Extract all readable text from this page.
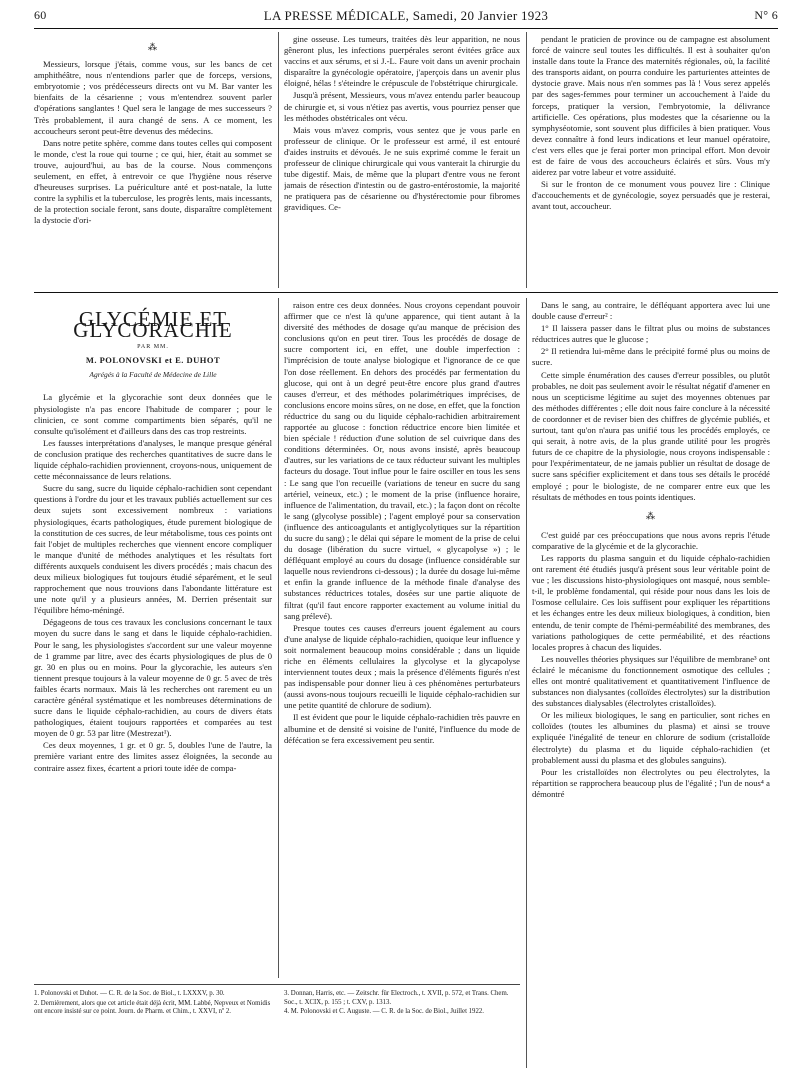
60	LA PRESSE MÉDICALE, Samedi, 20 Janvier 1923	N° 6
⁂

Messieurs, lorsque j'étais, comme vous, sur les bancs de cet amphithéâtre, nous n'entendions parler que de forceps, versions, embryotomie ; vos prédécesseurs directs ont vu M. Bar vanter les bienfaits de la césarienne ; vous m'entendrez souvent parler d'opérations sanglantes ! Quel sera le langage de mes successeurs ? Très probablement, il aura changé de sens. A ce moment, les accoucheurs seront peut-être devenus des médecins.

Dans notre petite sphère, comme dans toutes celles qui composent le monde, c'est la roue qui tourne ; ce qui, hier, était au sommet se trouve, aujourd'hui, au bas de la course. Nous commençons seulement, en effet, à entrevoir ce que l'hygiène nous réserve d'heureuses surprises. La puériculture anté et post-natale, la lutte contre la syphilis et la tuberculose, les progrès lents, mais incessants, de la protection sociale feront, sans doute, disparaître complètement la dystocie d'ori-

gine osseuse. Les tumeurs, traitées dès leur apparition, ne nous gêneront plus, les infections puerpérales seront évitées grâce aux vaccins et aux sérums, et si J.-L. Faure voit dans un avenir prochain disparaître la gynécologie opératoire, j'aperçois dans un avenir plus éloigné, hélas ! s'éteindre le crépuscule de l'obstétrique chirurgicale.

Jusqu'à présent, Messieurs, vous m'avez entendu parler beaucoup de chirurgie et, si vous n'étiez pas avertis, vous pourriez penser que les méthodes obstétricales ont vécu.

Mais vous m'avez compris, vous sentez que je vous parle en professeur de clinique. Or le professeur est armé, il est entouré d'aides instruits et dévoués. Je ne suis exprimé comme le ferait un professeur de clinique chirurgicale qui vous vanterait la chirurgie du tube digestif. Mais, de même que la plupart d'entre vous ne feront jamais de résection d'intestin ou de gastro-entérostomie, la majorité ne pratiquera pas de césarienne ou d'hystérectomie pour fibromes gravidiques. Ce-

pendant le praticien de province ou de campagne est absolument forcé de vaincre seul toutes les difficultés. Il est à souhaiter qu'on installe dans toute la France des maternités régionales, où, la facilité des transports aidant, on pourra conduire les parturientes atteintes de dystocie grave. Mais nous n'en sommes pas là ! Vous serez appelés par des sages-femmes pour terminer un accouchement à l'aide du forceps, pratiquer la version, l'embryotomie, la délivrance artificielle. Ces opérations, plus modestes que la césarienne ou la symphyséotomie, sont souvent plus difficiles à bien pratiquer. Vous devez connaître à fond leurs indications et leur manuel opératoire, c'est vers elles que je ferai porter mon principal effort. Mon devoir est de faire de vous des accoucheurs éclairés et sûrs. Vous m'y aiderez par votre labeur et votre assiduité.

Si sur le fronton de ce monument vous pouvez lire : Clinique d'accouchements et de gynécologie, soyez persuadés que je resterai, avant tout, accoucheur.

GLYCÉMIE ET GLYCORACHIE
PAR MM.
M. POLONOVSKI et E. DUHOT
Agrégés à la Faculté de Médecine de Lille

La glycémie et la glycorachie sont deux données que le physiologiste n'a pas encore l'habitude de comparer ; pour le clinicien, ce sont comme compartiments bien séparés, qu'il ne consulte qu'isolément et d'ailleurs dans des cas trop restreints.

Les fausses interprétations d'analyses, le manque presque général de conclusion pratique des recherches quantitatives de sucre dans le liquide céphalo-rachidien proviennent, croyons-nous, uniquement de cette méconnaissance de leurs relations.

Sucre du sang, sucre du liquide céphalo-rachidien sont cependant questions à l'ordre du jour et les travaux publiés actuellement sur ces deux sujets sont excessivement nombreux : variations physiologiques, écarts pathologiques, étude purement biologique de la constitution de ces sucres, de leur métabolisme, tous ces points ont fait l'objet de multiples recherches que viennent encore compliquer le manque d'unité de méthodes analytiques et les résultats fort différents auxquels conduisent les divers procédés ; mais chacun des deux milieux biologiques fut toujours étudié séparément, et le seul rapprochement que nous trouvions dans l'abondante littérature est une note qu'il y a plusieurs années, M. Derrien présentait sur l'équilibre hémo-méningé.

Dégageons de tous ces travaux les conclusions concernant le taux moyen du sucre dans le sang et dans le liquide céphalo-rachidien. Pour le sang, les physiologistes s'accordent sur une valeur moyenne de 1 gramme par litre, avec des écarts physiologiques de plus de 0 gr. 30 en plus ou en moins. Pour la glycorachie, les auteurs s'en tiennent presque toujours à la valeur moyenne de 0 gr. 5 avec de très faibles écarts normaux. Mais là les recherches ont rarement eu un caractère général systématique et les nombreuses déterminations de sucre dans le liquide céphalo-rachidien, au cours de divers états pathologiques, étaient toujours rapportées et comparées au test moyen de 0 gr. 53 par litre (Mestrezat¹).

Ces deux moyennes, 1 gr. et 0 gr. 5, doubles l'une de l'autre, la première variant entre des limites assez éloignées, la seconde au contraire assez fixes, écartent a priori toute idée de compa-

raison entre ces deux données. Nous croyons cependant pouvoir affirmer que ce n'est là qu'une apparence, qui tient autant à la diversité des méthodes de dosage qu'au manque de précision des conclusions qu'on en peut tirer. Tous les procédés de dosage de sucre comportent ici, en effet, une double imperfection : l'imprécision de toute analyse biologique et l'ignorance de ce que l'on dose réellement. En dehors des procédés par fermentation du glucose, qui ont à un degré peut-être encore plus grand d'autres causes d'erreur, et des méthodes polarimétriques imprécises, de conclusions encore moins sûres, on ne dose, en effet, que la fonction réductrice du sang ou du liquide céphalo-rachidien arbitrairement rapportée au glucose : fonction réductrice encore bien limitée et bien spéciale ! réduction d'une solution de sel cuivrique dans des conditions déterminées. Or, nous avons insisté, après beaucoup d'autres, sur les variations de ce taux réducteur suivant les multiples facteurs du dosage. Tout influe pour le faire osciller en tous les sens : Le sang que l'on recueille (variations de teneur en sucre du sang artériel, veineux, etc.) ; le moment de la prise (influence horaire, influence de l'alimentation, du travail, etc.) ; la façon dont on récolte le sang (glycolyse possible) ; l'agent employé pour sa conservation (influence des anticoagulants et antiglycolytiques sur la répartition du sucre du sang) ; le délai qui sépare le moment de la prise de celui du dosage (libération du sucre virtuel, « glycapolyse ») ; le défléquant employé au cours du dosage (influence considérable sur laquelle nous reviendrons ci-dessous) ; la durée du dosage lui-même et enfin la grande influence de la méthode finale d'analyse des substances réductrices totales, dosées sur une partie aliquote de filtrat (qu'il faut encore rapporter exactement au volume initial du sang prélevé).

Presque toutes ces causes d'erreurs jouent également au cours d'une analyse de liquide céphalo-rachidien, quoique leur influence y soit normalement beaucoup moins considérable ; dans un liquide riche en éléments cellulaires la glycolyse et la glycapolyse interviennent toutes deux ; mais la présence d'éléments figurés n'est pas indispensable pour donner lieu à ces phénomènes perturbateurs (aussi avons-nous toujours recueilli le liquide céphalo-rachidien sur une petite quantité de chlorure de sodium).

Il est évident que pour le liquide céphalo-rachidien très pauvre en albumine et de densité si voisine de l'unité, l'influence du mode de défécation se fera excessivement peu sentir.

Dans le sang, au contraire, le défléquant apportera avec lui une double cause d'erreur² :

1° Il laissera passer dans le filtrat plus ou moins de substances réductrices autres que le glucose ;

2° Il retiendra lui-même dans le précipité formé plus ou moins de sucre.

Cette simple énumération des causes d'erreur possibles, ou plutôt probables, ne doit pas seulement avoir le résultat négatif d'amener en nous un scepticisme légitime au sujet des moyennes obtenues par des méthodes différentes ; elle doit nous faire conclure à la nécessité de coordonner et de reviser bien des chiffres de glycémie publiés, et surtout, tant qu'on n'aura pas unifié tous les procédés employés, ce qui serait, à notre avis, de la plus grande utilité pour les progrès futurs de ce chapitre de la physiologie, nous croyons indispensable : pour l'expérimentateur, de ne jamais publier un résultat de dosage de sucre sans spécifier explicitement et dans tous ses détails le procédé employé ; pour le biologiste, de ne comparer entre eux que les résultats de méthodes en tous points identiques.

⁂

C'est guidé par ces préoccupations que nous avons repris l'étude comparative de la glycémie et de la glycorachie.

Les rapports du plasma sanguin et du liquide céphalo-rachidien ont rarement été étudiés jusqu'à présent sous leur véritable point de vue ; les discussions histo-physiologiques ont masqué, nous semble-t-il, le problème fondamental, qui réside pour nous dans les lois de l'osmose cellulaire. Ces lois suffisent pour expliquer les répartitions et les échanges entre les deux milieux biologiques, à condition, bien entendu, de tenir compte de l'hémi-perméabilité des membranes, des variations pathologiques de cette perméabilité, et des réactions locales propres à chacun des liquides.

Les nouvelles théories physiques sur l'équilibre de membrane³ ont éclairé le mécanisme du fonctionnement osmotique des cellules ; elles ont montré qualitativement et quantitativement l'influence de substances non dialysantes (colloïdes électrolytes) sur la distribution des substances dialysables (électrolytes cristalloïdes).

Or les milieux biologiques, le sang en particulier, sont riches en colloïdes (toutes les albumines du plasma) et ainsi se trouve expliquée l'inégalité de teneur en chlorure de sodium (cristalloïde électrolyte) du plasma et du liquide céphalo-rachidien (et probablement aussi du plasma et des globules sanguins).

Pour les cristalloïdes non électrolytes ou peu électrolytes, la répartition se rapprochera beaucoup plus de l'égalité ; l'un de nous⁴ a démontré

1. Polonovski et Duhot. — C. R. de la Soc. de Biol., t. LXXXV, p. 30.
2. Dernièrement, alors que cet article était déjà écrit, MM. Labbé, Nepveux et Nomidis ont encore insisté sur ce point. Journ. de Pharm. et Chim., t. XXVI, nº 2.
3. Donnan, Harris, etc. — Zeitschr. für Electroch., t. XVII, p. 572, et Trans. Chem. Soc., t. XCIX, p. 155 ; t. CXV, p. 1313.
4. M. Polonovski et C. Auguste. — C. R. de la Soc. de Biol., Juillet 1922.
